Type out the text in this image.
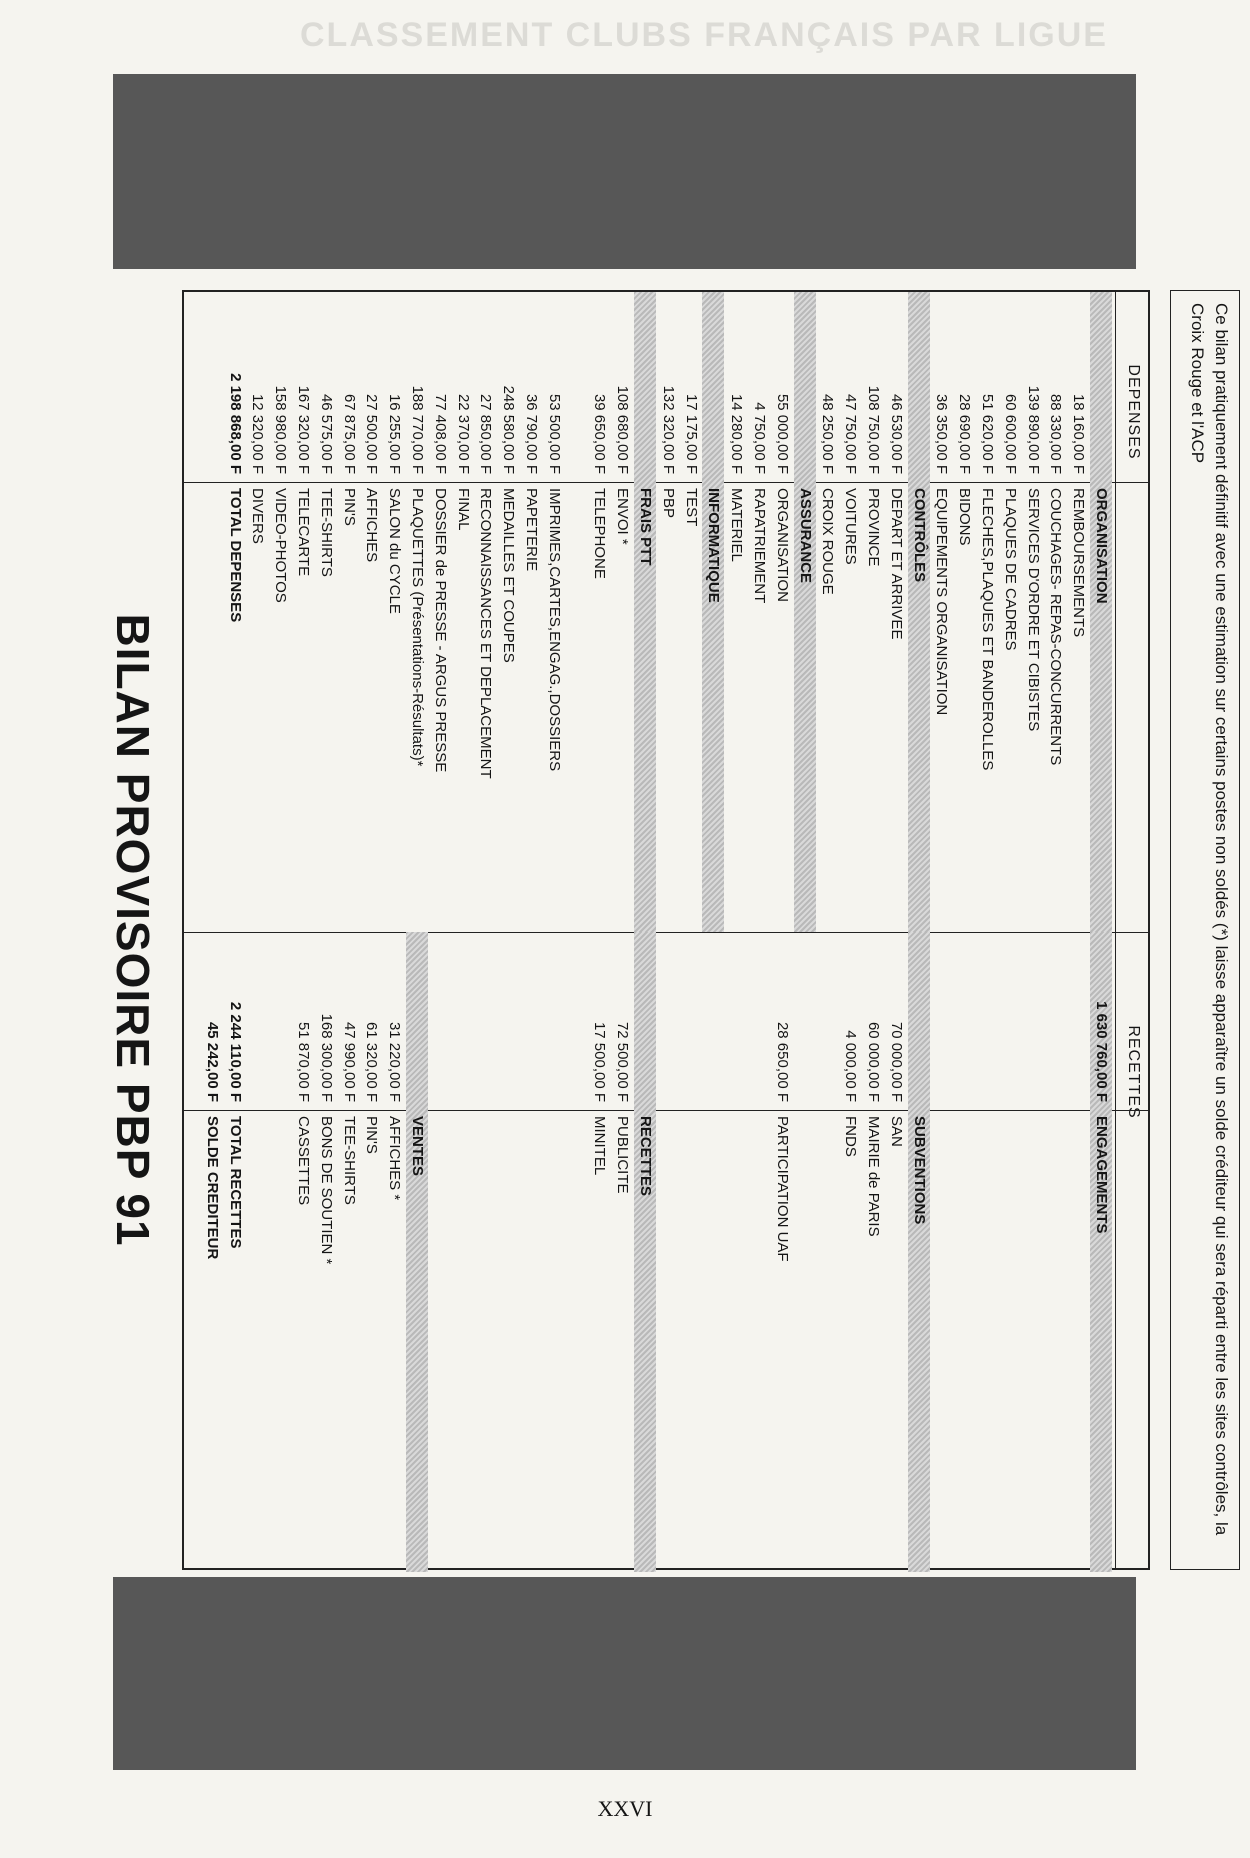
CLASSEMENT CLUBS FRANÇAIS PAR LIGUE
Ce bilan pratiquement définitif avec une estimation sur certains postes non soldés (*) laisse apparaître un solde créditeur qui sera réparti entre les sites contrôles, la Croix Rouge et l'ACP
DEPENSES
RECETTES
ORGANISATION
18 160,00 F
REMBOURSEMENTS
88 330,00 F
COUCHAGES- REPAS-CONCURRENTS
139 890,00 F
SERVICES D'ORDRE ET CIBISTES
60 600,00 F
PLAQUES DE CADRES
51 620,00 F
FLECHES,PLAQUES ET BANDEROLLES
28 690,00 F
BIDONS
36 350,00 F
EQUIPEMENTS ORGANISATION
CONTRÔLES
46 530,00 F
DEPART ET ARRIVEE
108 750,00 F
PROVINCE
47 750,00 F
VOITURES
48 250,00 F
CROIX ROUGE
ASSURANCE
55 000,00 F
ORGANISATION
4 750,00 F
RAPATRIEMENT
14 280,00 F
MATERIEL
INFORMATIQUE
17 175,00 F
TEST
132 320,00 F
PBP
FRAIS PTT
108 680,00 F
ENVOI *
39 650,00 F
TELEPHONE
53 500,00 F
IMPRIMES,CARTES,ENGAG.,DOSSIERS
36 790,00 F
PAPETERIE
248 580,00 F
MEDAILLES ET COUPES
27 850,00 F
RECONNAISSANCES ET DEPLACEMENT
22 370,00 F
FINAL
77 408,00 F
DOSSIER de PRESSE - ARGUS PRESSE
188 770,00 F
PLAQUETTES (Présentations-Résultats)*
16 255,00 F
SALON du CYCLE
27 500,00 F
AFFICHES
67 875,00 F
PIN'S
46 575,00 F
TEE-SHIRTS
167 320,00 F
TELECARTE
158 980,00 F
VIDEO-PHOTOS
12 320,00 F
DIVERS
2 198 868,00 F
TOTAL DEPENSES
1 630 760,00 F
ENGAGEMENTS
SUBVENTIONS
70 000,00 F
SAN
60 000,00 F
MAIRIE de PARIS
4 000,00 F
FNDS
28 650,00 F
PARTICIPATION UAF
RECETTES
72 500,00 F
PUBLICITE
17 500,00 F
MINITEL
VENTES
31 220,00 F
AFFICHES *
61 320,00 F
PIN'S
47 990,00 F
TEE-SHIRTS
168 300,00 F
BONS DE SOUTIEN *
51 870,00 F
CASSETTES
2 244 110,00 F
TOTAL RECETTES
45 242,00 F
SOLDE CREDITEUR
BILAN PROVISOIRE PBP 91
XXVI
